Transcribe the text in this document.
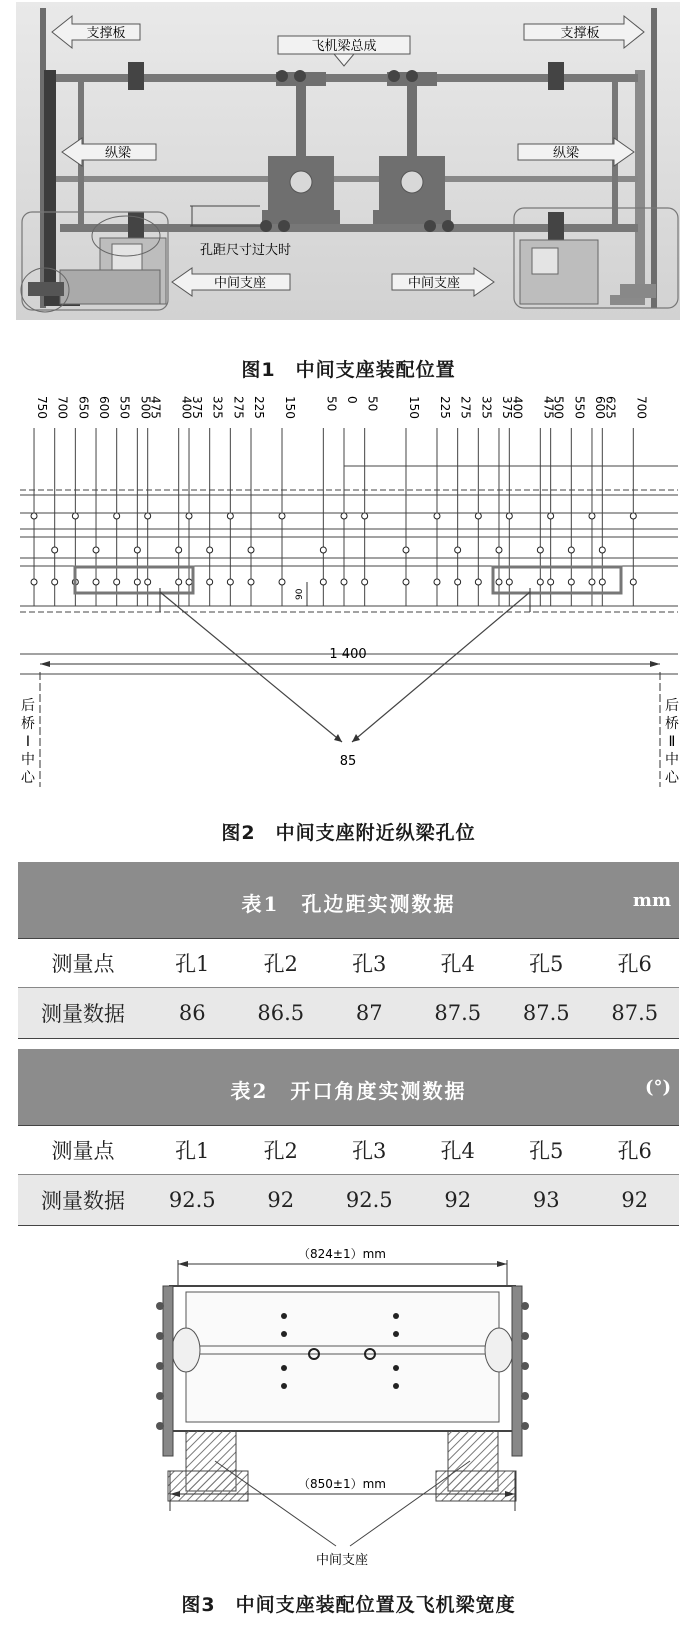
支撑板	支撑板
飞机梁总成
纵梁	纵梁
孔距尺寸过大时
中间支座	中间支座
图1　中间支座装配位置
750 700 650 600 550 500
475 400
375 325 275 225 150 50 0 50 150 225 275 325 375
400 475
500 550 600
625 700
1 400
90
85
后
桥
Ⅰ
中
心
后
桥
Ⅱ
中
心
图2　中间支座附近纵梁孔位
表1　孔边距实测数据 mm						

测量点	孔1	孔2	孔3	孔4	孔5	孔6
测量数据	86	86.5	87	87.5	87.5	87.5
表2　开口角度实测数据 (°)						

测量点	孔1	孔2	孔3	孔4	孔5	孔6
测量数据	92.5	92	92.5	92	93	92
（824±1）mm
（850±1）mm
中间支座
图3　中间支座装配位置及飞机梁宽度
